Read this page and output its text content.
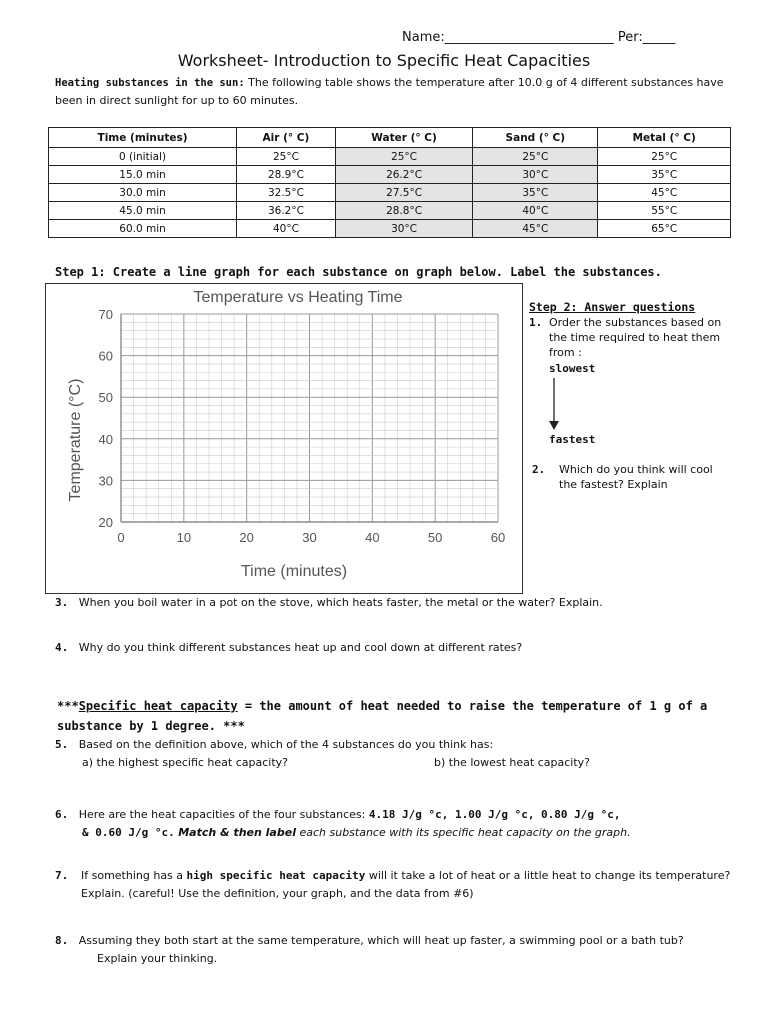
Name:__________________________ Per:_____
Worksheet- Introduction to Specific Heat Capacities
Heating substances in the sun: The following table shows the temperature after 10.0 g of 4 different substances have been in direct sunlight for up to 60 minutes.
Time (minutes)	Air (° C)	Water (° C)	Sand (° C)	Metal (° C)
0 (initial)	25°C	25°C	25°C	25°C
15.0 min	28.9°C	26.2°C	30°C	35°C
30.0 min	32.5°C	27.5°C	35°C	45°C
45.0 min	36.2°C	28.8°C	40°C	55°C
60.0 min	40°C	30°C	45°C	65°C
Step 1: Create a line graph for each substance on graph below. Label the substances.
Temperature vs Heating Time
Time (minutes)
Temperature (°C)
0	10	20	30	40	50	60
20
30
40
50
60
70	Step 2: Answer questions
1. Order the substances based on the time required to heat them from :
slowest
fastest
2.	Which do you think will cool the fastest? Explain
3. When you boil water in a pot on the stove, which heats faster, the metal or the water? Explain.
4. Why do you think different substances heat up and cool down at different rates?
***Specific heat capacity = the amount of heat needed to raise the temperature of 1 g of a substance by 1 degree. ***
5. Based on the definition above, which of the 4 substances do you think has:
a) the highest specific heat capacity?	b) the lowest heat capacity?
6. Here are the heat capacities of the four substances: 4.18 J/g °c, 1.00 J/g °c, 0.80 J/g °c,
& 0.60 J/g °c. Match & then label each substance with its specific heat capacity on the graph.
7.	If something has a high specific heat capacity will it take a lot of heat or a little heat to change its temperature? Explain. (careful! Use the definition, your graph, and the data from #6)
8. Assuming they both start at the same temperature, which will heat up faster, a swimming pool or a bath tub?
Explain your thinking.
